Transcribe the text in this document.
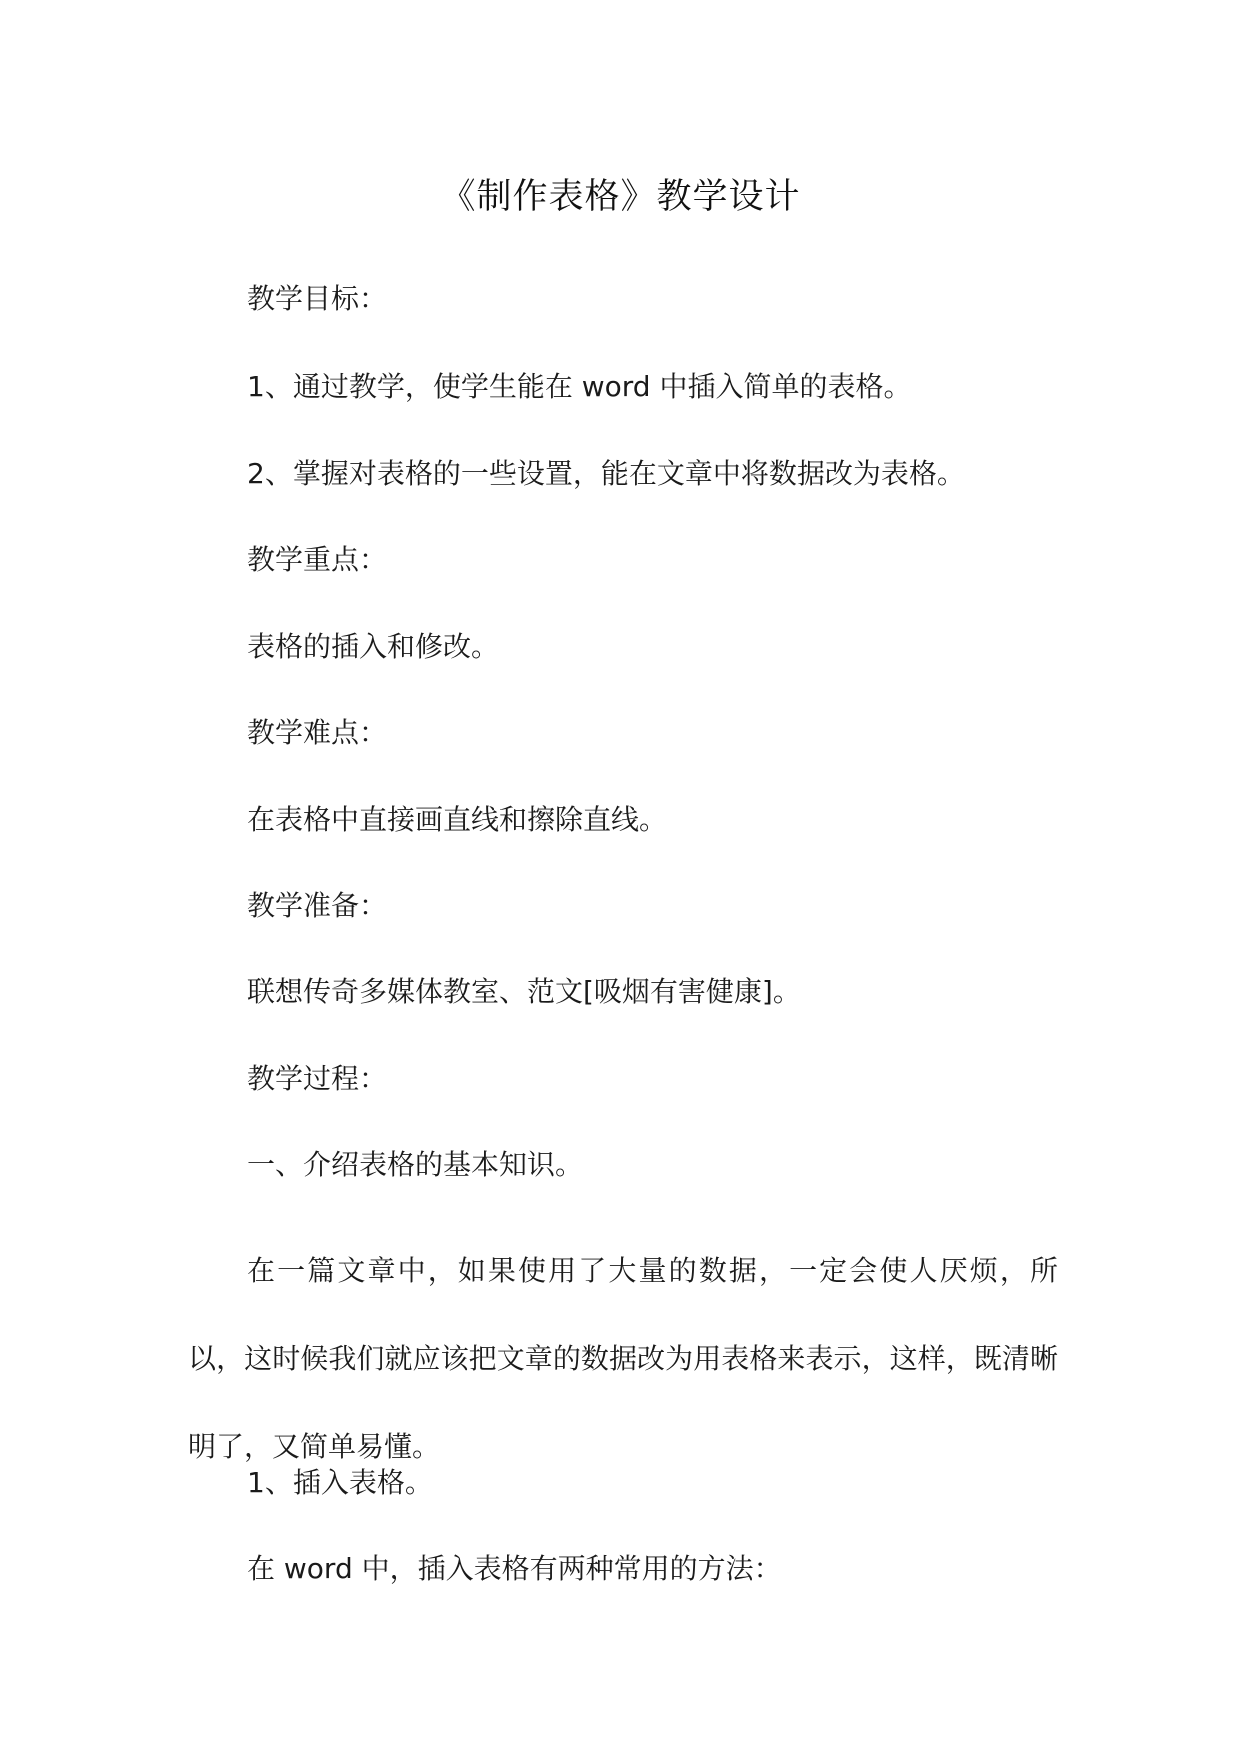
《制作表格》教学设计
教学目标：
1、通过教学，使学生能在 word 中插入简单的表格。
2、掌握对表格的一些设置，能在文章中将数据改为表格。
教学重点：
表格的插入和修改。
教学难点：
在表格中直接画直线和擦除直线。
教学准备：
联想传奇多媒体教室、范文[吸烟有害健康]。
教学过程：
一、介绍表格的基本知识。
在一篇文章中，如果使用了大量的数据，一定会使人厌烦，所以，这时候我们就应该把文章的数据改为用表格来表示，这样，既清晰明了，又简单易懂。
1、插入表格。
在 word 中，插入表格有两种常用的方法：
